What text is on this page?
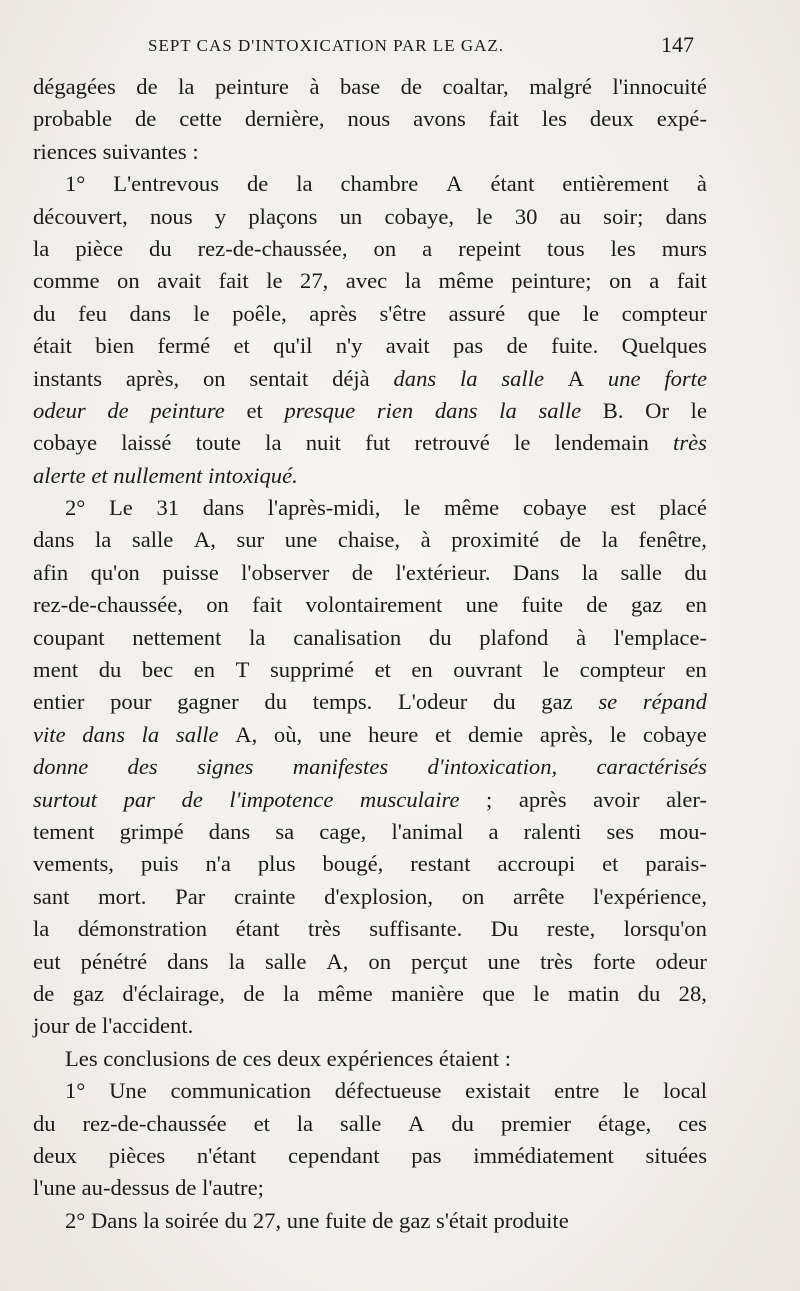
SEPT CAS D'INTOXICATION PAR LE GAZ.	147
dégagées de la peinture à base de coaltar, malgré l'innocuité
probable de cette dernière, nous avons fait les deux expé-
riences suivantes :
1° L'entrevous de la chambre A étant entièrement à
découvert, nous y plaçons un cobaye, le 30 au soir; dans
la pièce du rez-de-chaussée, on a repeint tous les murs
comme on avait fait le 27, avec la même peinture; on a fait
du feu dans le poêle, après s'être assuré que le compteur
était bien fermé et qu'il n'y avait pas de fuite. Quelques
instants après, on sentait déjà dans la salle A une forte
odeur de peinture et presque rien dans la salle B. Or le
cobaye laissé toute la nuit fut retrouvé le lendemain très
alerte et nullement intoxiqué.
2° Le 31 dans l'après-midi, le même cobaye est placé
dans la salle A, sur une chaise, à proximité de la fenêtre,
afin qu'on puisse l'observer de l'extérieur. Dans la salle du
rez-de-chaussée, on fait volontairement une fuite de gaz en
coupant nettement la canalisation du plafond à l'emplace-
ment du bec en T supprimé et en ouvrant le compteur en
entier pour gagner du temps. L'odeur du gaz se répand
vite dans la salle A, où, une heure et demie après, le cobaye
donne des signes manifestes d'intoxication, caractérisés
surtout par de l'impotence musculaire ; après avoir aler-
tement grimpé dans sa cage, l'animal a ralenti ses mou-
vements, puis n'a plus bougé, restant accroupi et parais-
sant mort. Par crainte d'explosion, on arrête l'expérience,
la démonstration étant très suffisante. Du reste, lorsqu'on
eut pénétré dans la salle A, on perçut une très forte odeur
de gaz d'éclairage, de la même manière que le matin du 28,
jour de l'accident.
Les conclusions de ces deux expériences étaient :
1° Une communication défectueuse existait entre le local
du rez-de-chaussée et la salle A du premier étage, ces
deux pièces n'étant cependant pas immédiatement situées
l'une au-dessus de l'autre;
2° Dans la soirée du 27, une fuite de gaz s'était produite
